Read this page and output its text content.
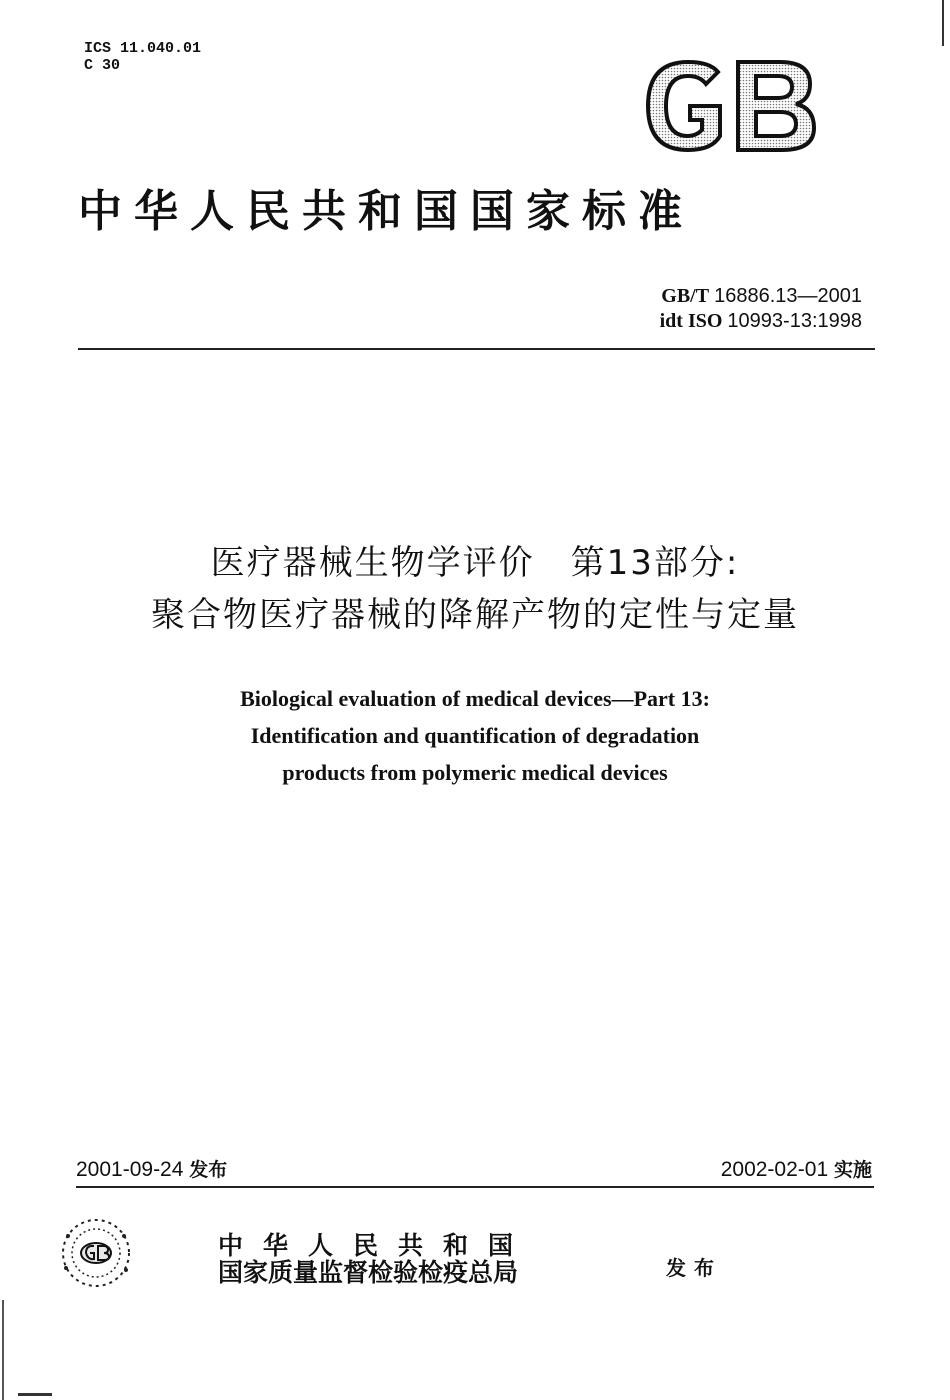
ICS 11.040.01
C 30
中华人民共和国国家标准
GB/T 16886.13—2001
idt ISO 10993-13:1998
医疗器械生物学评价　第13部分:
聚合物医疗器械的降解产物的定性与定量
Biological evaluation of medical devices—Part 13:
Identification and quantification of degradation
products from polymeric medical devices
2001-09-24 发布	2002-02-01 实施
中华人民共和国
国家质量监督检验检疫总局	发布
